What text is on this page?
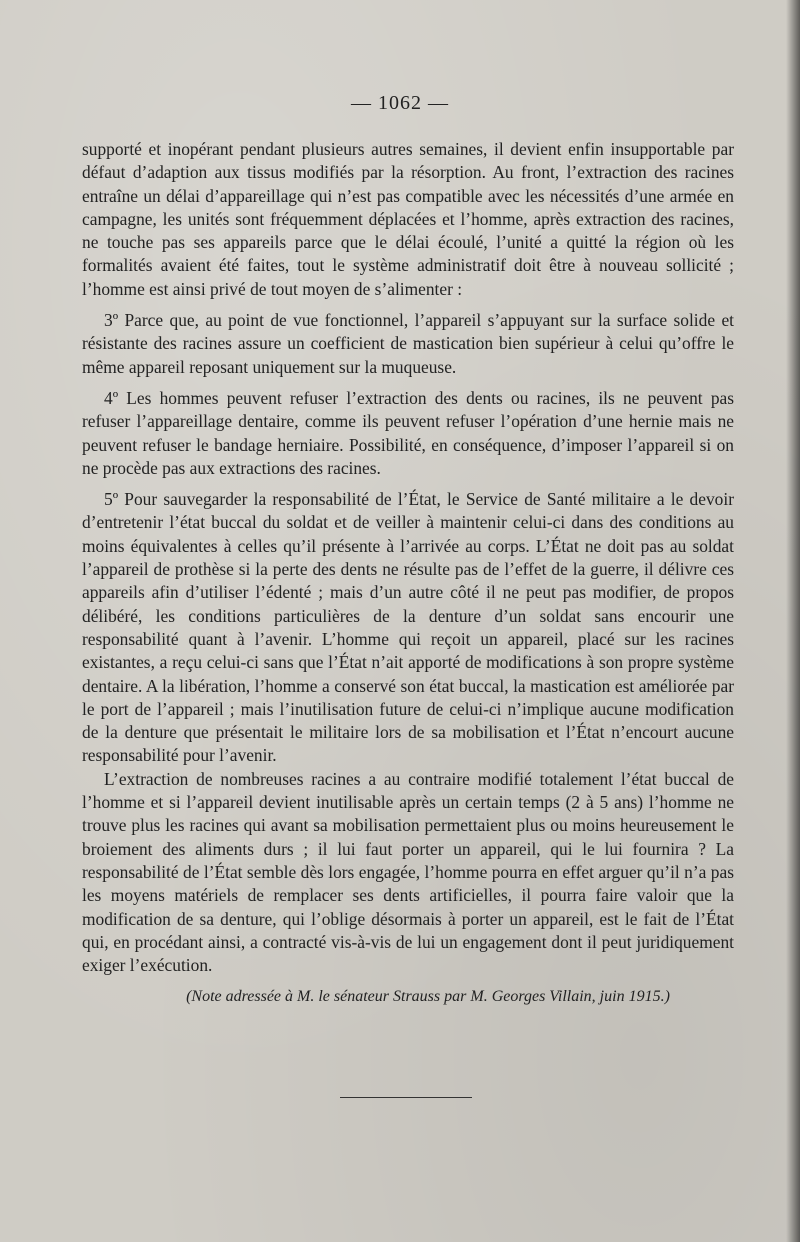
— 1062 —

supporté et inopérant pendant plusieurs autres semaines, il devient enfin insupportable par défaut d’adaption aux tissus modifiés par la résorption. Au front, l’extraction des racines entraîne un délai d’appareillage qui n’est pas compatible avec les nécessités d’une armée en campagne, les unités sont fréquemment déplacées et l’homme, après extraction des racines, ne touche pas ses appareils parce que le délai écoulé, l’unité a quitté la région où les formalités avaient été faites, tout le système administratif doit être à nouveau sollicité ; l’homme est ainsi privé de tout moyen de s’alimenter :

3º Parce que, au point de vue fonctionnel, l’appareil s’appuyant sur la surface solide et résistante des racines assure un coefficient de mastication bien supérieur à celui qu’offre le même appareil reposant uniquement sur la muqueuse.

4º Les hommes peuvent refuser l’extraction des dents ou racines, ils ne peuvent pas refuser l’appareillage dentaire, comme ils peuvent refuser l’opération d’une hernie mais ne peuvent refuser le bandage herniaire. Possibilité, en conséquence, d’imposer l’appareil si on ne procède pas aux extractions des racines.

5º Pour sauvegarder la responsabilité de l’État, le Service de Santé militaire a le devoir d’entretenir l’état buccal du soldat et de veiller à maintenir celui-ci dans des conditions au moins équivalentes à celles qu’il présente à l’arrivée au corps. L’État ne doit pas au soldat l’appareil de prothèse si la perte des dents ne résulte pas de l’effet de la guerre, il délivre ces appareils afin d’utiliser l’édenté ; mais d’un autre côté il ne peut pas modifier, de propos délibéré, les conditions particulières de la denture d’un soldat sans encourir une responsabilité quant à l’avenir. L’homme qui reçoit un appareil, placé sur les racines existantes, a reçu celui-ci sans que l’État n’ait apporté de modifications à son propre système dentaire. A la libération, l’homme a conservé son état buccal, la mastication est améliorée par le port de l’appareil ; mais l’inutilisation future de celui-ci n’implique aucune modification de la denture que présentait le militaire lors de sa mobilisation et l’État n’encourt aucune responsabilité pour l’avenir.

L’extraction de nombreuses racines a au contraire modifié totalement l’état buccal de l’homme et si l’appareil devient inutilisable après un certain temps (2 à 5 ans) l’homme ne trouve plus les racines qui avant sa mobilisation permettaient plus ou moins heureusement le broiement des aliments durs ; il lui faut porter un appareil, qui le lui fournira ? La responsabilité de l’État semble dès lors engagée, l’homme pourra en effet arguer qu’il n’a pas les moyens matériels de remplacer ses dents artificielles, il pourra faire valoir que la modification de sa denture, qui l’oblige désormais à porter un appareil, est le fait de l’État qui, en procédant ainsi, a contracté vis-à-vis de lui un engagement dont il peut juridiquement exiger l’exécution.

(Note adressée à M. le sénateur Strauss par M. Georges Villain, juin 1915.)
